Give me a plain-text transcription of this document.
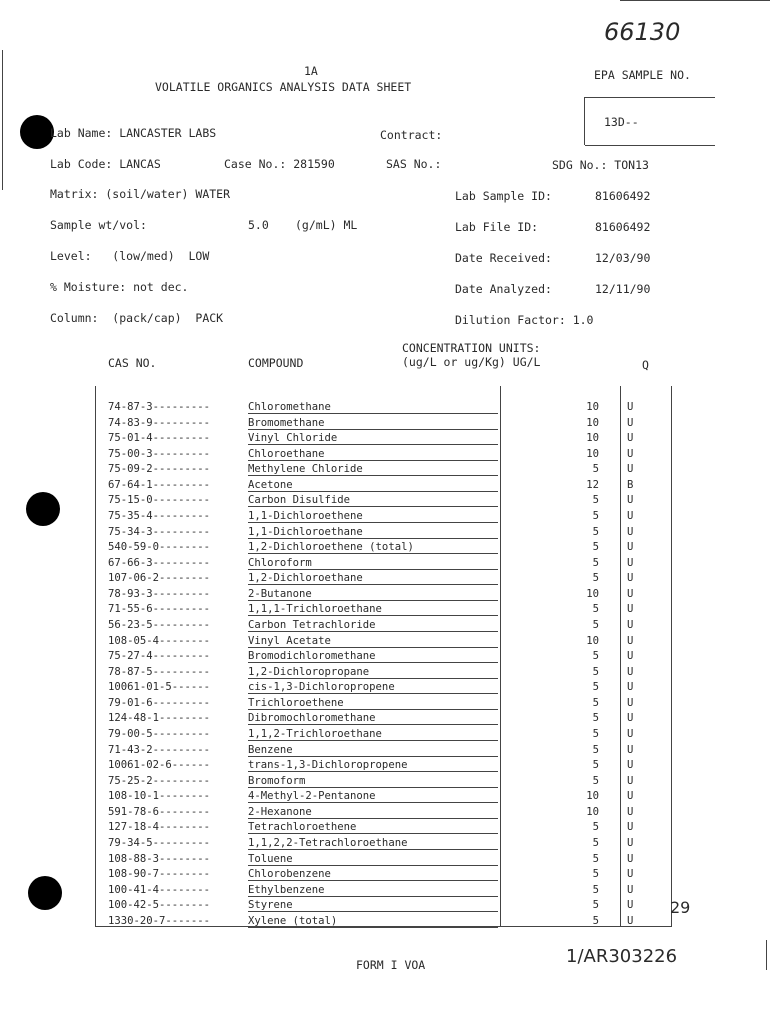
66130
1A
VOLATILE ORGANICS ANALYSIS DATA SHEET
EPA SAMPLE NO.
13D--
Lab Name: LANCASTER LABS	Contract:
Lab Code: LANCAS	Case No.: 281590	SAS No.:	SDG No.: TON13
Matrix: (soil/water) WATER	Lab Sample ID:	81606492
Sample wt/vol:	5.0 (g/mL) ML	Lab File ID:	81606492
Level:   (low/med)  LOW	Date Received:	12/03/90
% Moisture: not dec.	Date Analyzed:	12/11/90
Column:  (pack/cap)  PACK	Dilution Factor: 1.0
CAS NO.	COMPOUND
CONCENTRATION UNITS:
(ug/L or ug/Kg) UG/L	Q
74-87-3---------	Chloromethane	10	U
74-83-9---------	Bromomethane	10	U
75-01-4---------	Vinyl Chloride	10	U
75-00-3---------	Chloroethane	10	U
75-09-2---------	Methylene Chloride	5	U
67-64-1---------	Acetone	12	B
75-15-0---------	Carbon Disulfide	5	U
75-35-4---------	1,1-Dichloroethene	5	U
75-34-3---------	1,1-Dichloroethane	5	U
540-59-0--------	1,2-Dichloroethene (total)	5	U
67-66-3---------	Chloroform	5	U
107-06-2--------	1,2-Dichloroethane	5	U
78-93-3---------	2-Butanone	10	U
71-55-6---------	1,1,1-Trichloroethane	5	U
56-23-5---------	Carbon Tetrachloride	5	U
108-05-4--------	Vinyl Acetate	10	U
75-27-4---------	Bromodichloromethane	5	U
78-87-5---------	1,2-Dichloropropane	5	U
10061-01-5------	cis-1,3-Dichloropropene	5	U
79-01-6---------	Trichloroethene	5	U
124-48-1--------	Dibromochloromethane	5	U
79-00-5---------	1,1,2-Trichloroethane	5	U
71-43-2---------	Benzene	5	U
10061-02-6------	trans-1,3-Dichloropropene	5	U
75-25-2---------	Bromoform	5	U
108-10-1--------	4-Methyl-2-Pentanone	10	U
591-78-6--------	2-Hexanone	10	U
127-18-4--------	Tetrachloroethene	5	U
79-34-5---------	1,1,2,2-Tetrachloroethane	5	U
108-88-3--------	Toluene	5	U
108-90-7--------	Chlorobenzene	5	U
100-41-4--------	Ethylbenzene	5	U
100-42-5--------	Styrene	5	U
1330-20-7-------	Xylene (total)	5	U
29
FORM I VOA	1/AR303226
